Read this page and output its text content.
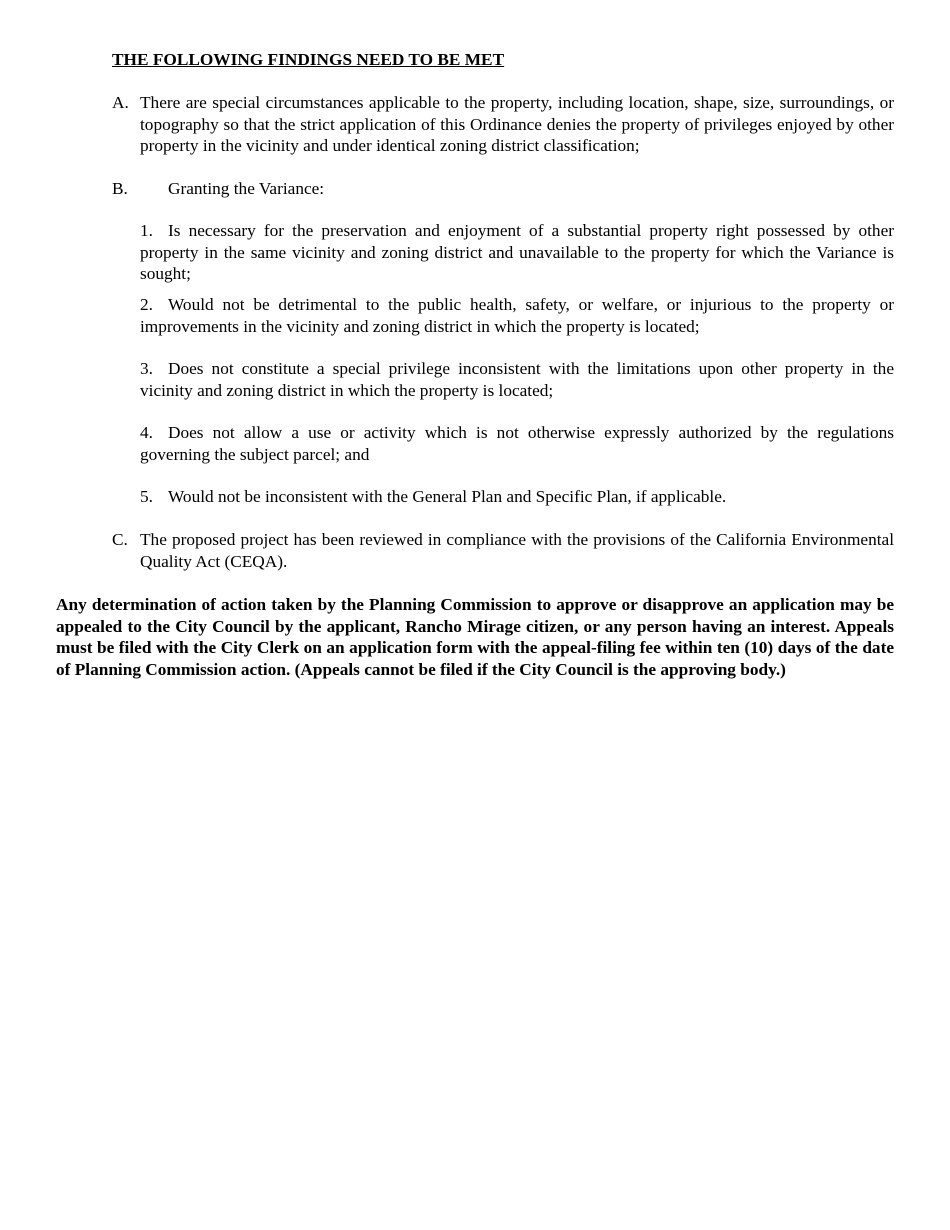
THE FOLLOWING FINDINGS NEED TO BE MET
A. There are special circumstances applicable to the property, including location, shape, size, surroundings, or topography so that the strict application of this Ordinance denies the property of privileges enjoyed by other property in the vicinity and under identical zoning district classification;
B. Granting the Variance:
1. Is necessary for the preservation and enjoyment of a substantial property right possessed by other property in the same vicinity and zoning district and unavailable to the property for which the Variance is sought;
2. Would not be detrimental to the public health, safety, or welfare, or injurious to the property or improvements in the vicinity and zoning district in which the property is located;
3. Does not constitute a special privilege inconsistent with the limitations upon other property in the vicinity and zoning district in which the property is located;
4. Does not allow a use or activity which is not otherwise expressly authorized by the regulations governing the subject parcel; and
5. Would not be inconsistent with the General Plan and Specific Plan, if applicable.
C. The proposed project has been reviewed in compliance with the provisions of the California Environmental Quality Act (CEQA).
Any determination of action taken by the Planning Commission to approve or disapprove an application may be appealed to the City Council by the applicant, Rancho Mirage citizen, or any person having an interest. Appeals must be filed with the City Clerk on an application form with the appeal-filing fee within ten (10) days of the date of Planning Commission action. (Appeals cannot be filed if the City Council is the approving body.)
